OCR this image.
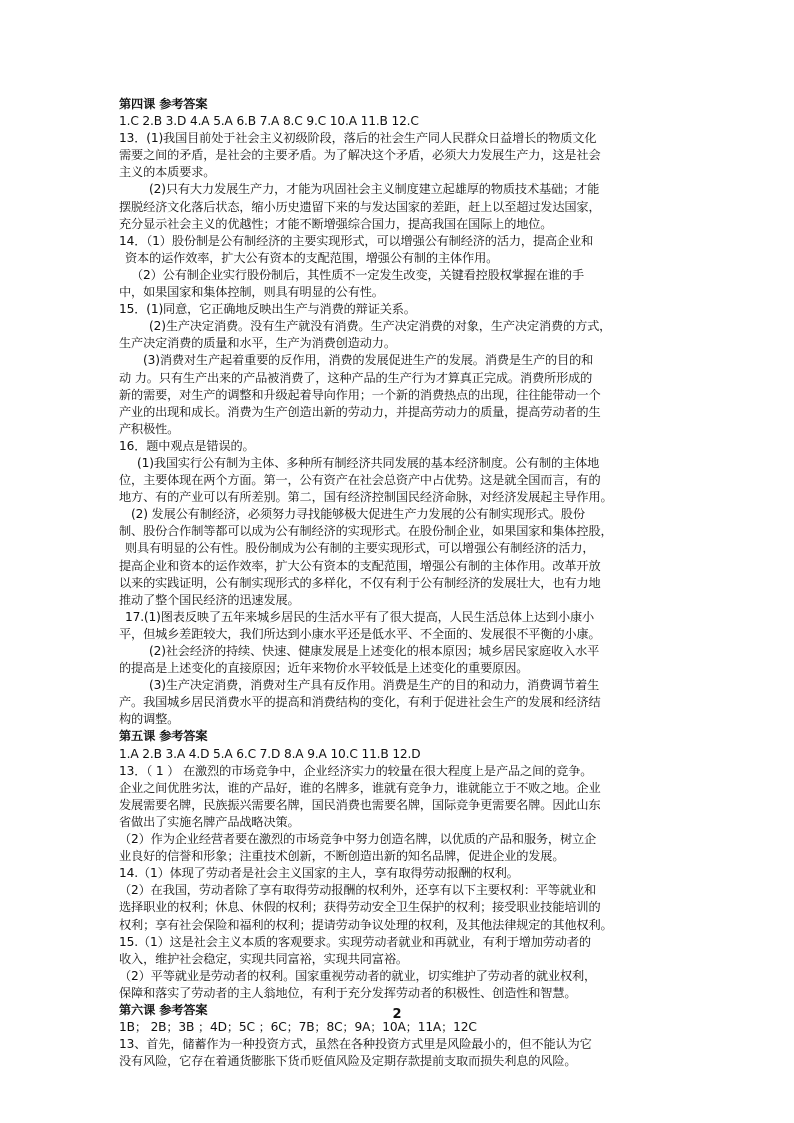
第四课 参考答案
1.C 2.B 3.D 4.A 5.A 6.B 7.A 8.C 9.C 10.A 11.B 12.C
13．(1)我国目前处于社会主义初级阶段，落后的社会生产同人民群众日益增长的物质文化
需要之间的矛盾，是社会的主要矛盾。为了解决这个矛盾，必须大力发展生产力，这是社会
主义的本质要求。
(2)只有大力发展生产力，才能为巩固社会主义制度建立起雄厚的物质技术基础；才能
摆脱经济文化落后状态，缩小历史遗留下来的与发达国家的差距，赶上以至超过发达国家，
充分显示社会主义的优越性；才能不断增强综合国力，提高我国在国际上的地位。
14．（1）股份制是公有制经济的主要实现形式，可以增强公有制经济的活力，提高企业和
资本的运作效率，扩大公有资本的支配范围，增强公有制的主体作用。
（2）公有制企业实行股份制后，其性质不一定发生改变，关键看控股权掌握在谁的手
中，如果国家和集体控制，则具有明显的公有性。
15．(1)同意，它正确地反映出生产与消费的辩证关系。
(2)生产决定消费。没有生产就没有消费。生产决定消费的对象，生产决定消费的方式，
生产决定消费的质量和水平，生产为消费创造动力。
(3)消费对生产起着重要的反作用，消费的发展促进生产的发展。消费是生产的目的和
动 力。只有生产出来的产品被消费了，这种产品的生产行为才算真正完成。消费所形成的
新的需要，对生产的调整和升级起着导向作用；一个新的消费热点的出现，往往能带动一个
产业的出现和成长。消费为生产创造出新的劳动力，并提高劳动力的质量，提高劳动者的生
产积极性。
16．题中观点是错误的。
(1)我国实行公有制为主体、多种所有制经济共同发展的基本经济制度。公有制的主体地
位，主要体现在两个方面。第一，公有资产在社会总资产中占优势。这是就全国而言，有的
地方、有的产业可以有所差别。第二，国有经济控制国民经济命脉，对经济发展起主导作用。
(2) 发展公有制经济，必须努力寻找能够极大促进生产力发展的公有制实现形式。股份
制、股份合作制等都可以成为公有制经济的实现形式。在股份制企业，如果国家和集体控股，
则具有明显的公有性。股份制成为公有制的主要实现形式，可以增强公有制经济的活力，
提高企业和资本的运作效率，扩大公有资本的支配范围，增强公有制的主体作用。改革开放
以来的实践证明，公有制实现形式的多样化，不仅有利于公有制经济的发展壮大，也有力地
推动了整个国民经济的迅速发展。
17.(1)图表反映了五年来城乡居民的生活水平有了很大提高，人民生活总体上达到小康小
平，但城乡差距较大，我们所达到小康水平还是低水平、不全面的、发展很不平衡的小康。
(2)社会经济的持续、快速、健康发展是上述变化的根本原因；城乡居民家庭收入水平
的提高是上述变化的直接原因；近年来物价水平较低是上述变化的重要原因。
(3)生产决定消费，消费对生产具有反作用。消费是生产的目的和动力，消费调节着生
产。我国城乡居民消费水平的提高和消费结构的变化，有利于促进社会生产的发展和经济结
构的调整。
第五课 参考答案
1.A 2.B 3.A 4.D 5.A 6.C 7.D 8.A 9.A 10.C 11.B 12.D
13．（ 1 ） 在激烈的市场竞争中，企业经济实力的较量在很大程度上是产品之间的竞争。
企业之间优胜劣汰，谁的产品好，谁的名牌多，谁就有竞争力，谁就能立于不败之地。企业
发展需要名牌，民族振兴需要名牌，国民消费也需要名牌，国际竞争更需要名牌。因此山东
省做出了实施名牌产品战略决策。
（2）作为企业经营者要在激烈的市场竞争中努力创造名牌，以优质的产品和服务，树立企
业良好的信誉和形象；注重技术创新，不断创造出新的知名品牌，促进企业的发展。
14.（1）体现了劳动者是社会主义国家的主人，享有取得劳动报酬的权利。
（2）在我国，劳动者除了享有取得劳动报酬的权利外，还享有以下主要权利：平等就业和
选择职业的权利；休息、休假的权利；获得劳动安全卫生保护的权利；接受职业技能培训的
权利；享有社会保险和福利的权利；提请劳动争议处理的权利，及其他法律规定的其他权利。
15.（1）这是社会主义本质的客观要求。实现劳动者就业和再就业，有利于增加劳动者的
收入，维护社会稳定，实现共同富裕，实现共同富裕。
（2）平等就业是劳动者的权利。国家重视劳动者的就业，切实维护了劳动者的就业权利，
保障和落实了劳动者的主人翁地位，有利于充分发挥劳动者的积极性、创造性和智慧。
第六课 参考答案
1B； 2B；3B ；4D；5C ；6C；7B；8C；9A；10A；11A；12C
13、首先，储蓄作为一种投资方式，虽然在各种投资方式里是风险最小的，但不能认为它
没有风险，它存在着通货膨胀下货币贬值风险及定期存款提前支取而损失利息的风险。
2
